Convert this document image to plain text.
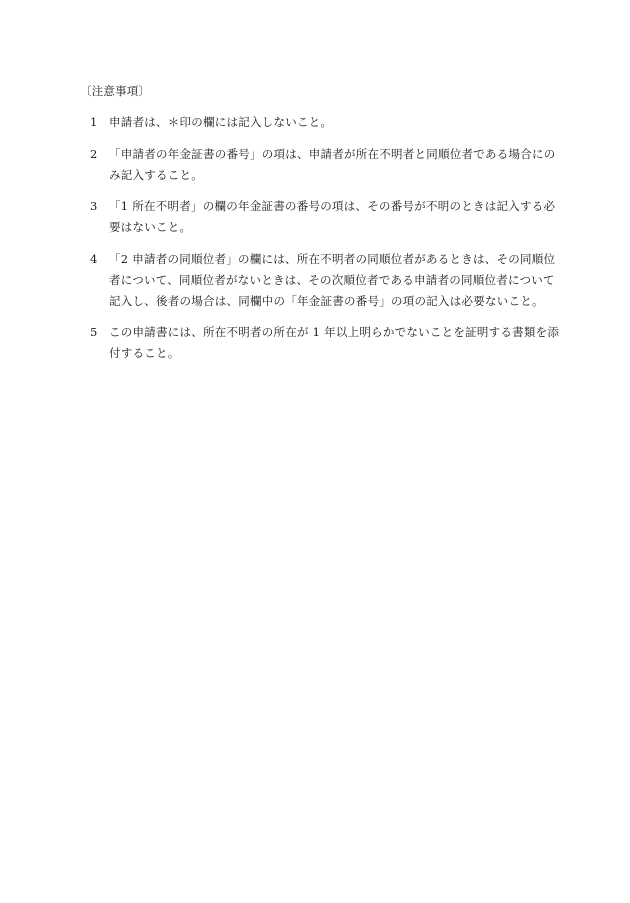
〔注意事項〕
1 申請者は、＊印の欄には記入しないこと。
2 「申請者の年金証書の番号」の項は、申請者が所在不明者と同順位者である場合にのみ記入すること。
3 「1 所在不明者」の欄の年金証書の番号の項は、その番号が不明のときは記入する必要はないこと。
4 「2 申請者の同順位者」の欄には、所在不明者の同順位者があるときは、その同順位者について、同順位者がないときは、その次順位者である申請者の同順位者について記入し、後者の場合は、同欄中の「年金証書の番号」の項の記入は必要ないこと。
5 この申請書には、所在不明者の所在が 1 年以上明らかでないことを証明する書類を添付すること。
